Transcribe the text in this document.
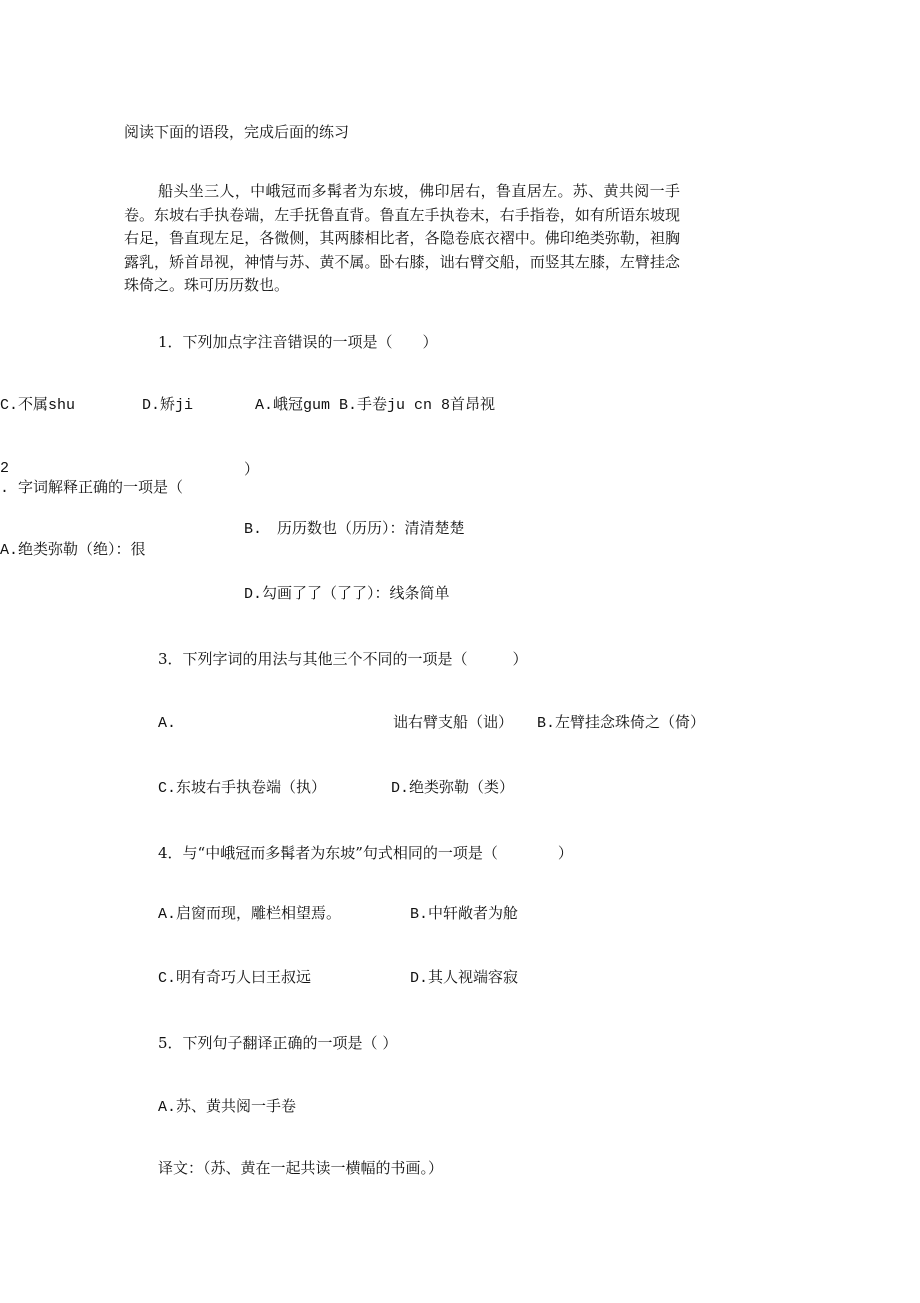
阅读下面的语段，完成后面的练习
船头坐三人，中峨冠而多髯者为东坡，佛印居右，鲁直居左。苏、黄共阅一手卷。东坡右手执卷端，左手抚鲁直背。鲁直左手执卷末，右手指卷，如有所语东坡现右足，鲁直现左足，各微侧，其两膝相比者，各隐卷底衣褶中。佛印绝类弥勒，袒胸露乳，矫首昂视，神情与苏、黄不属。卧右膝，诎右臂交船，而竖其左膝，左臂挂念珠倚之。珠可历历数也。
1．下列加点字注音错误的一项是（　　）
C.不属shu	D.矫ji	A.峨冠gum B.手卷ju cn 8首昂视
2	）
. 字词解释正确的一项是（
B.　历历数也（历历）：清清楚楚
A.绝类弥勒（绝）：很
D.勾画了了（了了）：线条简单
3．下列字词的用法与其他三个不同的一项是（　　　）
A.	诎右臂支船（诎） B.左臂挂念珠倚之（倚）
C.东坡右手执卷端（执）	D.绝类弥勒（类）
4．与“中峨冠而多髯者为东坡”句式相同的一项是（　　　　）
A.启窗而现，雕栏相望焉。	B.中轩敞者为舱
C.明有奇巧人曰王叔远	D.其人视端容寂
5．下列句子翻译正确的一项是（ ）
A.苏、黄共阅一手卷
译文：（苏、黄在一起共读一横幅的书画。）
